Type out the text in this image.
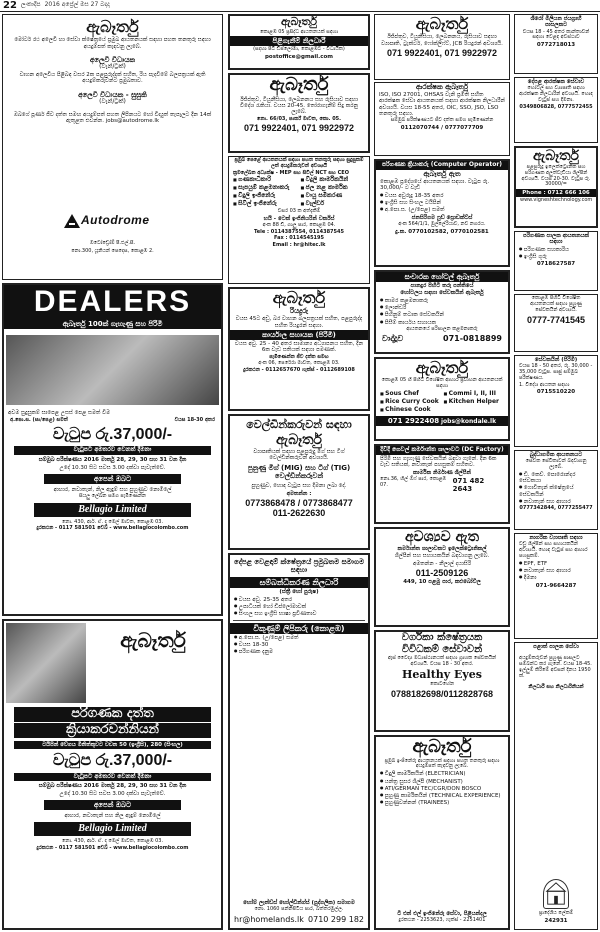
22 ලංකාදීප 2016 අප්‍රේල් මස 27 බදාදා
ඇබෑර්තු
මෝටර් රථ අලෙවි හා සේවා ක්ෂේත්‍රයේ ප්‍රමුඛ ආයතනයක් සඳහා පහත තනතුරු සඳහා අයදුම්පත් කැඳවනු ලැබේ.
අලෙවි විධායක
(වෑන්/ට්‍රක්)
වාහන අලෙවිය පිළිබඳ වසර 2ක පළපුරුද්දක් සහිත, රිය පැදවීමේ බලපත්‍රයක් ඇති අයදුම්කරුවන්ට ප්‍රමුඛතාව.
අලෙවි විධායක - සුසුකි
(වෑන්/ට්‍රක්)
ඔබගේ පූර්ණ ජීව දත්ත සමඟ අයදුම්පත් පහත ලිපිනයට හෝ විද්‍යුත් තැපෑලට දින 14ක් ඇතුළත එවන්න. jobs@autodrome.lk
Autodrome
ඔටෝඩ්‍රෝම් පී.එල්.සී.
නො.300, යූනියන් පෙදෙස, කොළඹ 2.
DEALERS
ඇබෑර්තු 100ක් ගැහැණු සහ පිරිමි
අවම සුදුසුකම් සාපෙළ උසස් පෙළ සමත් වීම
අ.පො.ස. (සා/පෙළ) සමත්	වයස 18-30 අතර
වැටුප රු.37,000/-
වැටුපට අමතරව වෙනත් දීමනා
සම්මුඛ පරීක්ෂණය 2016 මාර්තු 28, 29, 30 සහ 31 වන දින
උදේ 10.30 සිට සවස 3.00 දක්වා පැවැත්වේ.
අපෙන් ඔබට
ආහාර, නවාතැන්, නිල ඇඳුම් සහ පුහුණුව නොමිලේ
සියලු ලේඛන සමග පැමිණෙන්න
Bellagio Limited
නො. 430, ආර්. ඒ. ද මෙල් මාවත, කොළඹ 03.
දුරකථන - 0117 581501 වෙබ් - www.bellagiocolombo.com
ඇබෑර්තු
පරිගණක දත්ත
ක්‍රියාකරවන්නියන්
ටයිපින් වේගය මිනිත්තුවට වචන 50 (ඉංග්‍රීසි), 280 (සිංහල)
වැටුප රු.37,000/-
වැටුපට අමතරව වෙනත් දීමනා
සම්මුඛ පරීක්ෂණය 2016 මාර්තු 28, 29, 30 සහ 31 වන දින
උදේ 10.30 සිට සවස 3.00 දක්වා පැවැත්වේ.
අපෙන් ඔබට
ආහාර, නවාතැන් සහ නිල ඇඳුම් නොමිලේ
Bellagio Limited
නො. 430, ආර්. ඒ. ද මෙල් මාවත, කොළඹ 03.
දුරකථන - 0117 581501 වෙබ් - www.bellagiocolombo.com
ඇබෑර්තු
කොළඹ 05 ප්‍රසිද්ධ ආයතනයක් සඳහා
පිළිගැනීම් නිලධාරී
(සදහා පිටි ඩිප්ලෝමා, කොළඹට - විධායික)
postoffice@gmail.com
ඇබෑර්තු
ඊජිප්තුව, ටියුනීසියා, ලෙබනනය සහ රුසියාව සඳහා විදේශ රැකියා. වයස 20-45. තෝරාගැනීම් සිදු කරනු ලැබේ.
නො. 66/03, පාර්ක් මාවත, කො. 05.
071 9922401, 071 9922972
ප්‍රමුඛ පෙළේ ආයතනයක් සඳහා පහත තනතුරු සඳහා සුදුසුකම් ලත් අයදුම්කරුවන් අවශ්‍යයි
ක්‍රමලේඛන අධ්‍යක්ෂ - MEP සහ සිවිල් NCT සහ CEO
■ ගණකාධිකාරි	■ විදුලි කාර්මිකයින්
■ සැපයුම් කළමනාකරු	■ ජල නළ කාර්මික
■ විදුලි ඉංජිනේරු	■ වායු සමීකරණ
■ සිවිල් ඉංජිනේරු	■ වෑල්ඩර්
වසර 03 ක අත්දැකීම්
හයි - ටෙක් ඉංජිනියරින් වර්ක්ස්
අංක 88 ඩී, ගාලු පාර, කොළඹ 04.
Tele : 0114387554, 0114387545
Fax : 0114545195
Email : hr@hitec.lk
ඇබෑර්තු
රියදුරු
වයස 45ට අඩු, බර වාහන බලපත්‍රයක් සහිත, පළපුරුද්ද සහිත රියදුරන් සඳහා.
කාර්යාල සහායක (පිරිමි)
වයස අවු. 25 - 40 අතර සාමාන්‍ය අධ්‍යාපනය සහිත, දින 6ක වැඩ සතියක් සඳහා පමණක්.
පැමිණෙන්න ජීව දත්ත සමඟ
අංක 06, පෙරේරා මාවත, කොළඹ 03.
දුරකථන - 0112657670 ෆැක්ස් - 0112689108
වෙල්ඩින්කරුවන් සඳහා
ඇබෑර්තු
ව්‍යාපෘතියක් සඳහා පළපුරුදු මිග් සහ ටිග් වෙල්ඩින්කරුවන් අවශ්‍යයි.
පුනුණු මිග් (MIG) සහ ටිග් (TIG) වෙල්ඩින්කරුවන්
පුහුණුව, හොඳ වැටුප සහ දීමනා ලබා දේ.
අමතන්න :
0773868478 / 0773868477
011-2622630
දේපළ වෙළඳාම් ක්ෂේත්‍රයේ ප්‍රමුඛතම සමාගම සඳහා
සම්බන්ධීකරණ නිලධාරි
(ස්ත්‍රී හෝ පුරුෂ)
● වයස අවු. 25-35 අතර
● උපාධියක් හෝ ඩිප්ලෝමාවක්
● සිංහල සහ ඉංග්‍රීසි භාෂා ප්‍රවීණතාව
විකුණුම් ලිපිකරු (කොළඹ)
● අ.පො.ස. (උ/පෙළ) සමත්
● වයස 18-30
● පරිගණක දැනුම
හෝම් ලෑන්ඩ්ස් හෝල්ඩින්ග්ස් (පුද්ගලික) සමාගම
නො. 1060 පන්නිපිටිය පාර, බත්තරමුල්ල.
hr@homelands.lk 0710 299 182
ඇබෑර්තු
ඊජිප්තුව, ටියුනීසියා, ලෙබනනය, රුසියාව සඳහා ව්‍යාපෘති, ට්‍රැක්ටර්, ෆෝක්ලිෆ්ට්, JCB රියදුරන් අවශ්‍යයි.
071 9922401, 071 9922972
ආරක්ෂක ඇබෑර්තු
ISO, ISO 27001, OHSAS වැනි ප්‍රමිති සහිත ආරක්ෂක සේවා ආයතනයක් සඳහා ආරක්ෂක නිලධාරීන් අවශ්‍යයි. වයස 18-55 අතර, OIC, SSO, JSO, LSO තනතුරු සඳහා.
සම්මුඛ පරීක්ෂණයට ජීව දත්ත සමග පැමිණෙන්න
0112070744 / 0777077709
පරිගණක ක්‍රියාකරු (Computer Operator)
ඇබෑර්තු ඇත
කොළඹ ප්‍රදේශයේ ආයතනයක් සඳහා. වැටුප රු. 30,000/- ට වැඩි
● වයස අවුරුදු 18-35 අතර
● ඉංග්‍රීසි සහ සිංහල ටයිපින්
● අ.පො.ස. (උ/පෙළ) සමත්
ජනසිරිගම ෆුඩ් ප්‍රොඩක්ට්ස්
අංක 564/1/1, මුල්ලේරියාව, නව නගරය.
දු.ක. 0770102582, 0770102581
සංචාරක හෝටල් ඇබෑර්තු
පානදුර පිහිටි තරු පන්තියේ
හෝටලය සඳහා සේවකයින් ඇබෑර්තු
● කාමර කළමනාකරු
● ලොන්ඩරි
● පිහිනුම් තටාක සේවකයින්
● පිසීම් කාර්යය සහායක
ආයතනයේ පරිපාලන කළමනාකරු
වාද්දූව	071-0818899
ඇබෑර්තු
කොළඹ 05 හි පිහිටි විශේෂිත ආහාර ප්‍රවාහන ආයතනයක් සඳහා
■ Sous Chef	■ Commi I, II, III
■ Rice Curry Cook	■ Kitchen Helper
■ Chinese Cook
071 2922408 jobs@kondale.lk
දිවිදී ගෙවල් කර්මාන්ත ශාලාවට (DC Factory)
පිරිමි සහ ගැහැණු සේවකයින් බඳවා ගැනේ. දින 6ක වැඩ සතියක්, නවාතැන් පහසුකම් සහිතව.
කාර්මික නිර්මාණ ශිල්පීන්
නො.36, හිල් ඕෆ් පාර, කොළඹ 07.	071 482 2643
අවශ්‍යව ඇත
කර්මාන්ත ශාලාවකට ඉලෙක්ට්‍රොනිකල්
ශිල්පීන් සහ සහායකයින් බඳවාගනු ලැබේ.
අමතන්න - නීලාල් දයාසිරි
011-2509126
449, 10 පළමු පාර, කළුබෝවිල
වර්ගිකා ක්ෂේත්‍රයක
විවිධකම් සේවාවන්
ඇස් වෛද්‍ය මධ්‍යස්ථානයක් සඳහා ග්‍රාහක සේවකයින් අවශ්‍යයි. වයස 18 - 30 අතර.
Healthy Eyes
කොටහේන
0788182698/0112828768
ඇබෑර්තු
ප්‍රමුඛ ඉංජිනේරු ආයතනයක් සඳහා පහත තනතුරු සඳහා අයදුම්පත් කැඳවනු ලැබේ.
● විදුලි කාර්මිකයින් (ELECTRICIAN)
● යන්ත්‍ර සුසර ශිල්පී (MECHANIST)
● ATI/GERMAN TEC/CGR/DON BOSCO
● පුහුණු කාර්මිකයින් (TECHNICAL EXPERIENCE)
● පුහුණුවන්නන් (TRAINEES)
ටී එන් එල් ඉංජිනේරු සේවා, පිළියන්දල
දුරකථන - 2253623, ෆැක්ස් - 2251401
ශිරෝ මිලියන ජයග්‍රාහී පාසලකට
වයස 18 - 45 අතර කාන්තාවන් සඳහා වෙළඳ අවස්ථාව
0772718013
දේපළ ආරක්ෂක සේවාව
හෝටල් සහ ව්‍යාපෘති සඳහා ආරක්ෂක නිලධාරීන් අවශ්‍යයි. හොඳ වැටුප් සහ දීමනා.
0349806828, 0777572455
ඇබෑර්තු
පළපුරුදු ඉලෙක්ට්‍රොනික සහ පරිගණක අලුත්වැඩියා ශිල්පීන් අවශ්‍යයි. වයස 20-30. වැටුප රු. 30000/=
Phone : 0712 666 106
www.vigneshtechnology.com
පරිගණක පාලක ආයතනයක් සඳහා
● පරිගණක සහකාරිය
● ඉංග්‍රීසි ගුරු
0718627587
කොළඹ පිහිටි විශේෂිත ආයතනයක් සඳහා පුහුණු සේවකයින් අවශ්‍යයි.
0777-7741545
සේවකයින් (පිරිමි)
වයස 18 - 50 අතර, රු. 30,000 - 35,000 වැටුප. සෘජු සම්මුඛ පරීක්ෂණය.
1. විදේශ ආයතන සඳහා
0715510220
බුද්ධාගමික ආයතනයට
සේවක සේවිකාවන් බඳවාගනු ලැබේ.
● ඩී. කෙව්. පොරොන්දර සේවකයා
● ගොවිතැන් ක්ෂේත්‍රයේ සේවකයින්
● නවාතැන් සහ ආහාර
0777342844, 0777255477
නාගරික ව්‍යාපෘති සඳහා
වඩු ශිල්පීන් සහ සහායකයින් අවශ්‍යයි. හොඳ වැටුප් සහ ආහාර පහසුකම්.
● EPF, ETF
● නවාතැන් සහ ආහාර
● දීමනා
071-9664287
පළාත් පාලන සේවා
අයදුම්කරුවන් පුහුණු පාසලට සම්බන්ධ කර ගැනේ. වයස 18-45. ඉල්ලුම් කිරීමේ අවසන් දිනය 1950 ක්.
නිලධාරී සහ නිලධාරිනියන්
ප්‍රාදේශීය ලේකම්
242931
